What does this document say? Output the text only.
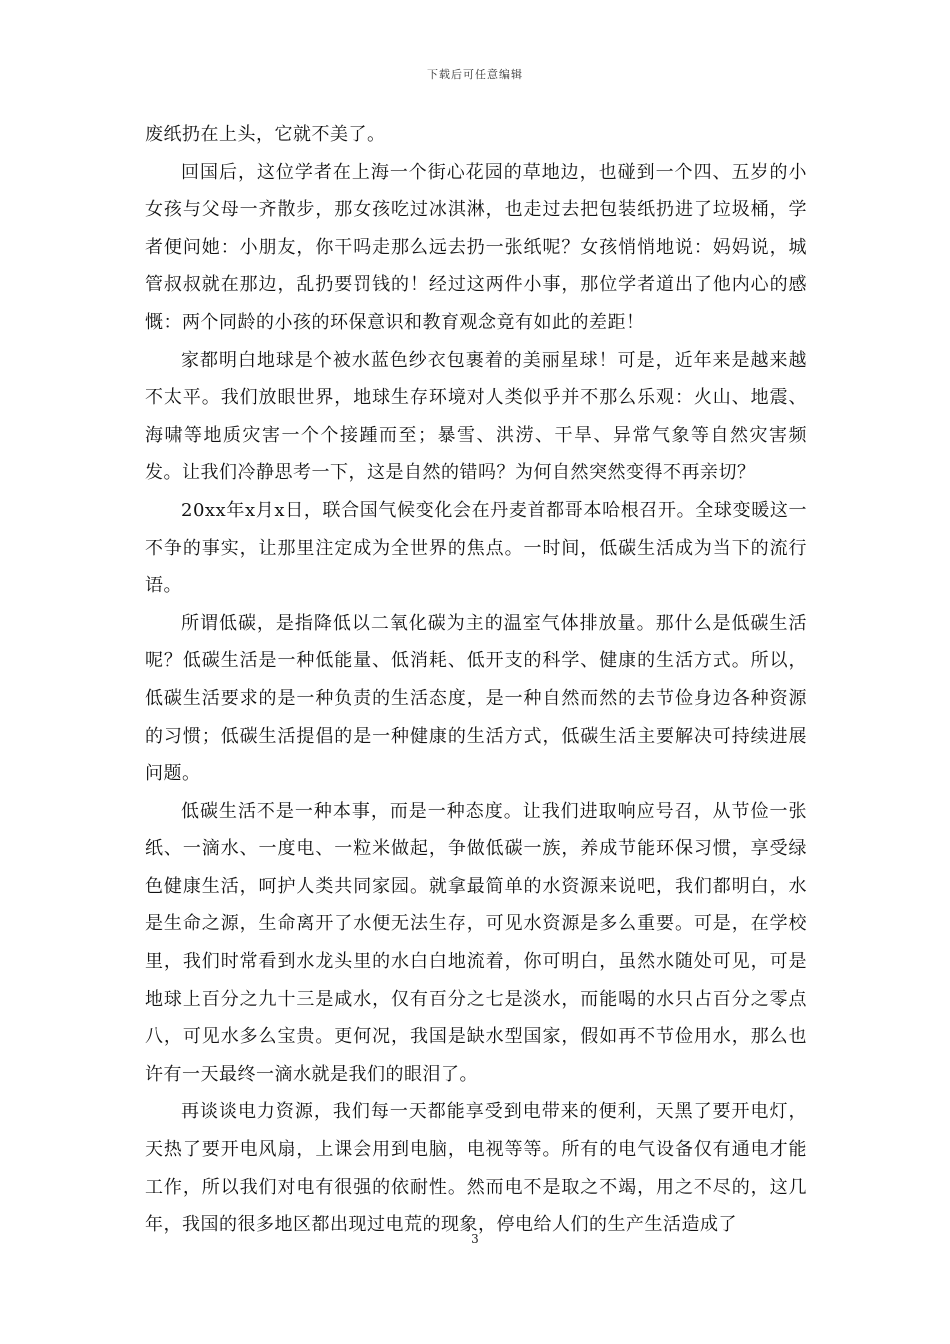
下载后可任意编辑

废纸扔在上头，它就不美了。

回国后，这位学者在上海一个街心花园的草地边，也碰到一个四、五岁的小女孩与父母一齐散步，那女孩吃过冰淇淋，也走过去把包装纸扔进了垃圾桶，学者便问她：小朋友，你干吗走那么远去扔一张纸呢？女孩悄悄地说：妈妈说，城管叔叔就在那边，乱扔要罚钱的！经过这两件小事，那位学者道出了他内心的感慨：两个同龄的小孩的环保意识和教育观念竟有如此的差距！

家都明白地球是个被水蓝色纱衣包裹着的美丽星球！可是，近年来是越来越不太平。我们放眼世界，地球生存环境对人类似乎并不那么乐观：火山、地震、海啸等地质灾害一个个接踵而至；暴雪、洪涝、干旱、异常气象等自然灾害频发。让我们冷静思考一下，这是自然的错吗？为何自然突然变得不再亲切？

20xx年x月x日，联合国气候变化会在丹麦首都哥本哈根召开。全球变暖这一不争的事实，让那里注定成为全世界的焦点。一时间，低碳生活成为当下的流行语。

所谓低碳，是指降低以二氧化碳为主的温室气体排放量。那什么是低碳生活呢？低碳生活是一种低能量、低消耗、低开支的科学、健康的生活方式。所以，低碳生活要求的是一种负责的生活态度，是一种自然而然的去节俭身边各种资源的习惯；低碳生活提倡的是一种健康的生活方式，低碳生活主要解决可持续进展问题。

低碳生活不是一种本事，而是一种态度。让我们进取响应号召，从节俭一张纸、一滴水、一度电、一粒米做起，争做低碳一族，养成节能环保习惯，享受绿色健康生活，呵护人类共同家园。就拿最简单的水资源来说吧，我们都明白，水是生命之源，生命离开了水便无法生存，可见水资源是多么重要。可是，在学校里，我们时常看到水龙头里的水白白地流着，你可明白，虽然水随处可见，可是地球上百分之九十三是咸水，仅有百分之七是淡水，而能喝的水只占百分之零点八，可见水多么宝贵。更何况，我国是缺水型国家，假如再不节俭用水，那么也许有一天最终一滴水就是我们的眼泪了。

再谈谈电力资源，我们每一天都能享受到电带来的便利，天黑了要开电灯，天热了要开电风扇，上课会用到电脑，电视等等。所有的电气设备仅有通电才能工作，所以我们对电有很强的依耐性。然而电不是取之不竭，用之不尽的，这几年，我国的很多地区都出现过电荒的现象，停电给人们的生产生活造成了

3
